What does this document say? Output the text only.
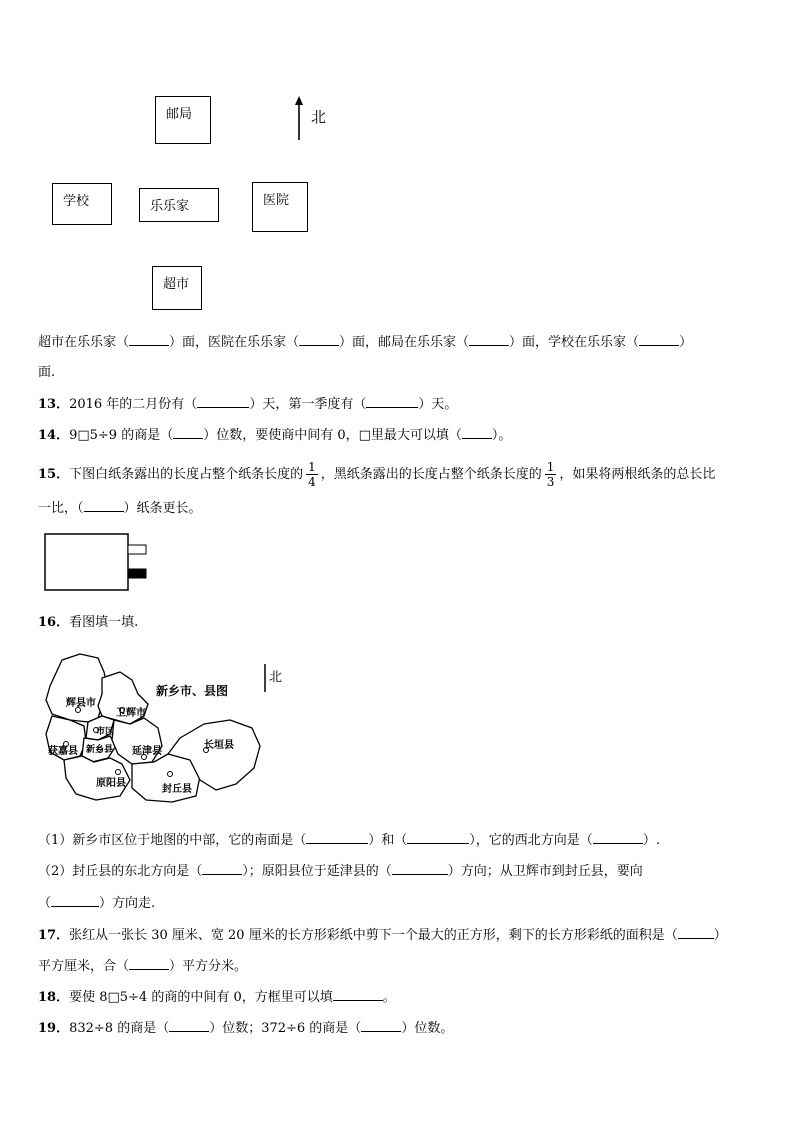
邮局
学校	乐乐家	医院
超市
北
超市在乐乐家（	）面，医院在乐乐家（	）面，邮局在乐乐家（	）面，学校在乐乐家（	）
面.
13．2016 年的二月份有（	）天，第一季度有（	）天。
14．9□5÷9 的商是（ ）位数，要使商中间有 0，□里最大可以填（ ）。
15．下图白纸条露出的长度占整个纸条长度的 $\frac{1}{4}$ ，黑纸条露出的长度占整个纸条长度的 $\frac{1}{3}$ ，如果将两根纸条的总长比
一比，（	）纸条更长。
16．看图填一填.
辉县市
卫辉市
市区
获嘉县 新乡县 延津县
长垣县
原阳县
封丘县
新乡市、县图
北
（1）新乡市区位于地图的中部，它的南面是（	）和（	），它的西北方向是（	）.
（2）封丘县的东北方向是（	）；原阳县位于延津县的（	）方向；从卫辉市到封丘县，要向
（	）方向走.
17．张红从一张长 30 厘米、宽 20 厘米的长方形彩纸中剪下一个最大的正方形，剩下的长方形彩纸的面积是（	）
平方厘米，合（	）平方分米。
18．要使 8□5÷4 的商的中间有 0，方框里可以填	。
19．832÷8 的商是（	）位数；372÷6 的商是（	）位数。
